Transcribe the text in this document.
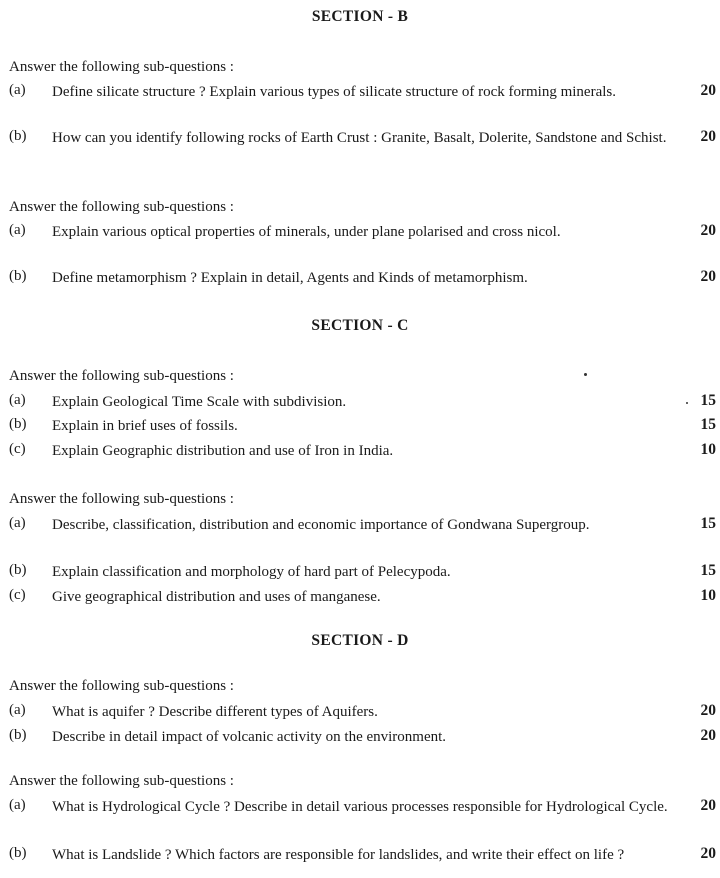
SECTION - B
Answer the following sub-questions :
(a) Define silicate structure ? Explain various types of silicate structure of rock forming minerals.	20
(b) How can you identify following rocks of Earth Crust : Granite, Basalt, Dolerite, Sandstone and Schist.	20
Answer the following sub-questions :
(a) Explain various optical properties of minerals, under plane polarised and cross nicol.	20
(b) Define metamorphism ? Explain in detail, Agents and Kinds of metamorphism.	20
SECTION - C
Answer the following sub-questions :
(a) Explain Geological Time Scale with subdivision.	15
(b) Explain in brief uses of fossils.	15
(c) Explain Geographic distribution and use of Iron in India.	10
Answer the following sub-questions :
(a) Describe, classification, distribution and economic importance of Gondwana Supergroup.	15
(b) Explain classification and morphology of hard part of Pelecypoda.	15
(c) Give geographical distribution and uses of manganese.	10
SECTION - D
Answer the following sub-questions :
(a) What is aquifer ? Describe different types of Aquifers.	20
(b) Describe in detail impact of volcanic activity on the environment.	20
Answer the following sub-questions :
(a) What is Hydrological Cycle ? Describe in detail various processes responsible for Hydrological Cycle.	20
(b) What is Landslide ? Which factors are responsible for landslides, and write their effect on life ?	20
